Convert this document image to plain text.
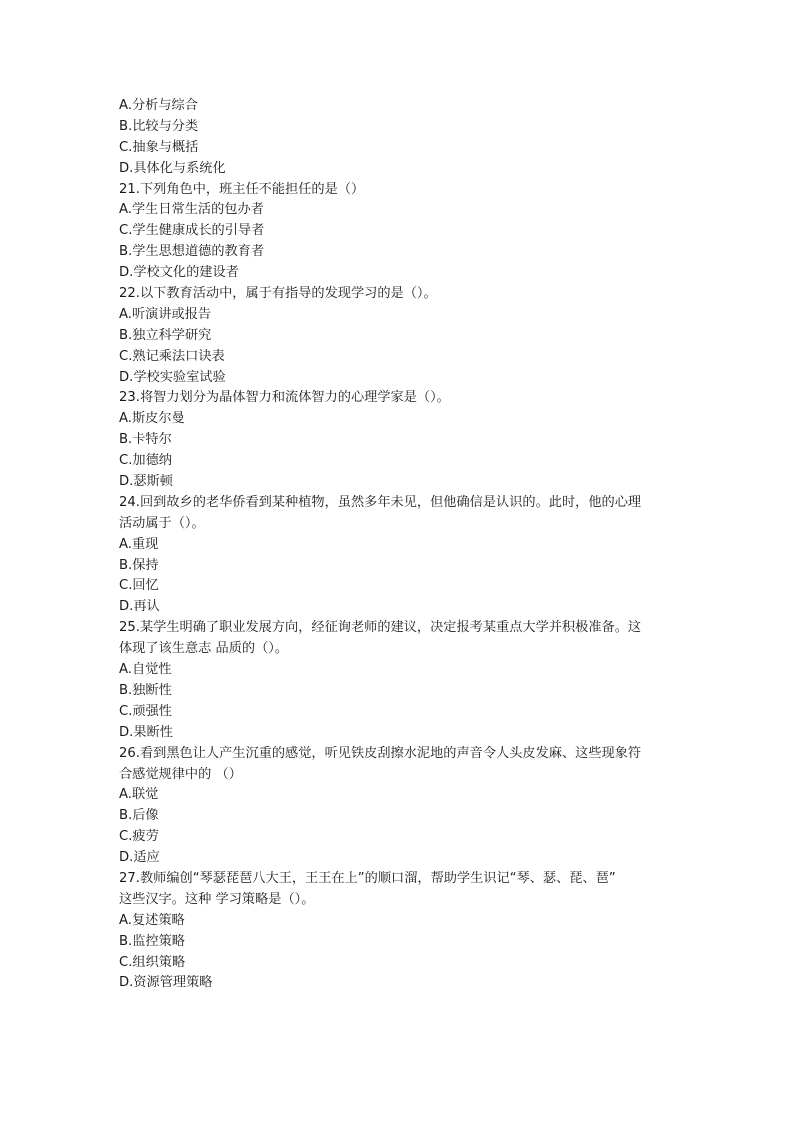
A.分析与综合
B.比较与分类
C.抽象与概括
D.具体化与系统化
21.下列角色中，班主任不能担任的是（）
A.学生日常生活的包办者
C.学生健康成长的引导者
B.学生思想道德的教育者
D.学校文化的建设者
22.以下教育活动中，属于有指导的发现学习的是（）。
A.听演讲或报告
B.独立科学研究
C.熟记乘法口诀表
D.学校实验室试验
23.将智力划分为晶体智力和流体智力的心理学家是（）。
A.斯皮尔曼
B.卡特尔
C.加德纳
D.瑟斯顿
24.回到故乡的老华侨看到某种植物，虽然多年未见，但他确信是认识的。此时，他的心理
活动属于（）。
A.重现
B.保持
C.回忆
D.再认
25.某学生明确了职业发展方向，经征询老师的建议，决定报考某重点大学并积极准备。这
体现了该生意志 品质的（）。
A.自觉性
B.独断性
C.顽强性
D.果断性
26.看到黑色让人产生沉重的感觉，听见铁皮刮擦水泥地的声音令人头皮发麻、这些现象符
合感觉规律中的 （）
A.联觉
B.后像
C.疲劳
D.适应
27.教师编创“琴瑟琵琶八大王，王王在上”的顺口溜，帮助学生识记“琴、瑟、琵、琶”
这些汉字。这种 学习策略是（）。
A.复述策略
B.监控策略
C.组织策略
D.资源管理策略
